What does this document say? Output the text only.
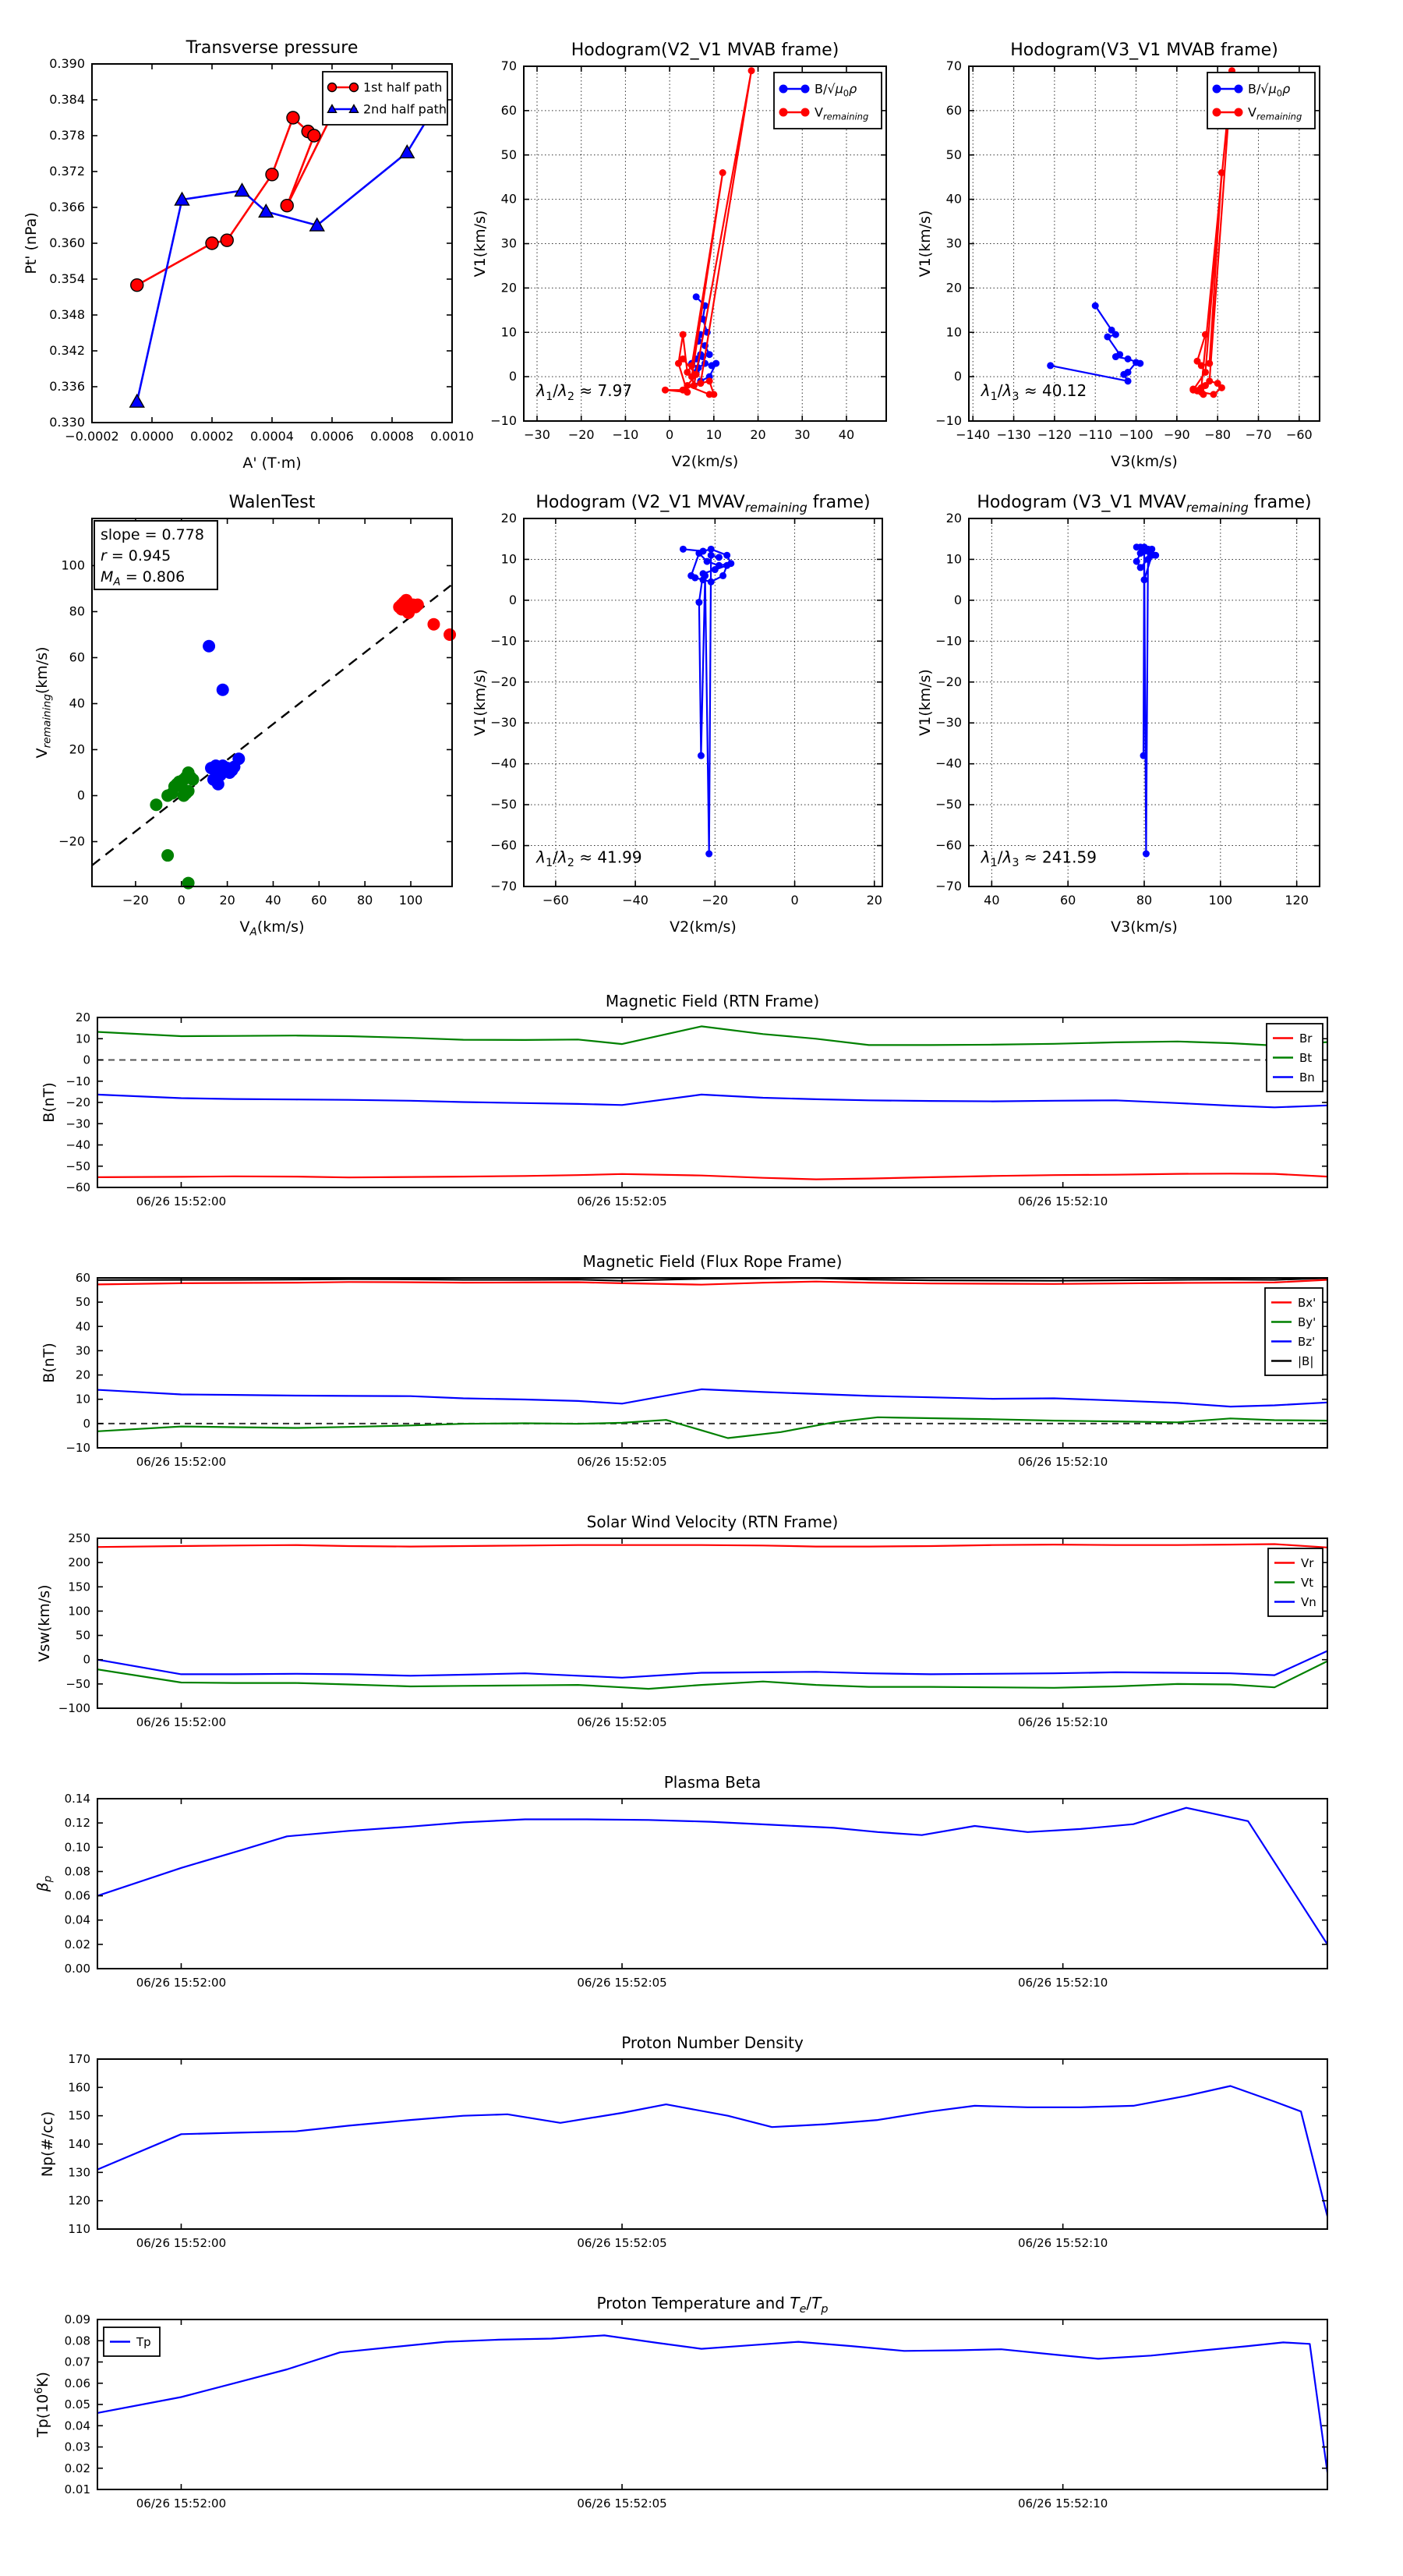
−0.0002 0.0000 0.0002 0.0004 0.0006 0.0008 0.0010
0.330
0.336
0.342
0.348
0.354
0.360
0.366
0.372
0.378
0.384
0.390
Transverse pressure
A' (T·m)
Pt' (nPa)
1st half path
2nd half path
−30 −20 −10 0	10 20 30 40
−10
0
10
20
30
40
50
60
70
Hodogram(V2_V1 MVAB frame)
V2(km/s)
V1(km/s)
$\lambda_1/\lambda_2 \approx 7.97$
$B/√\mu_0\rho$
$V_{remaining}$
−140 −130 −120 −110 −100 −90 −80 −70 −60
−10
0
10
20
30
40
50
60
70
Hodogram(V3_V1 MVAB frame)
V3(km/s)
V1(km/s)
$\lambda_1/\lambda_3 \approx 40.12$
$B/√\mu_0\rho$
$V_{remaining}$
−20 0	20 40 60 80 100
−20
0
20
40
60
80
100
WalenTest
$V_A(km/s)$
$V_{remaining}(km/s)$
slope = 0.778
r = 0.945
$M_A = 0.806$
−60	−40	−20	0	20
−70
−60
−50
−40
−30
−20
−10
0
10
20
Hodogram (V2_V1 $MVAV_{remaining}$ frame)
V2(km/s)
V1(km/s)
$\lambda_1/\lambda_2 \approx 41.99$
40	60	80	100	120
−70
−60
−50
−40
−30
−20
−10
0
10
20
Hodogram (V3_V1 $MVAV_{remaining}$ frame)
V3(km/s)
V1(km/s)
$\lambda_1/\lambda_3 \approx 241.59$
06/26 15:52:00	06/26 15:52:05	06/26 15:52:10
−60
−50
−40
−30
−20
−10
0
10
20
Magnetic Field (RTN Frame)
B(nT)
Br
Bt
Bn
06/26 15:52:00	06/26 15:52:05	06/26 15:52:10
−10
0
10
20
30
40
50
60
Magnetic Field (Flux Rope Frame)
B(nT)
Bx'
By'
Bz'
|B|
06/26 15:52:00	06/26 15:52:05	06/26 15:52:10
−100
−50
0
50
100
150
200
250
Solar Wind Velocity (RTN Frame)
Vsw(km/s)
Vr
Vt
Vn
06/26 15:52:00	06/26 15:52:05	06/26 15:52:10
0.00
0.02
0.04
0.06
0.08
0.10
0.12
0.14
Plasma Beta
$\beta_p$
06/26 15:52:00	06/26 15:52:05	06/26 15:52:10
110
120
130
140
150
160
170
Proton Number Density
Np(#/cc)
06/26 15:52:00	06/26 15:52:05	06/26 15:52:10
0.01
0.02
0.03
0.04
0.05
0.06
0.07
0.08
0.09
Proton Temperature and $T_e/T_p$
$Tp(10^6K)$
Tp
